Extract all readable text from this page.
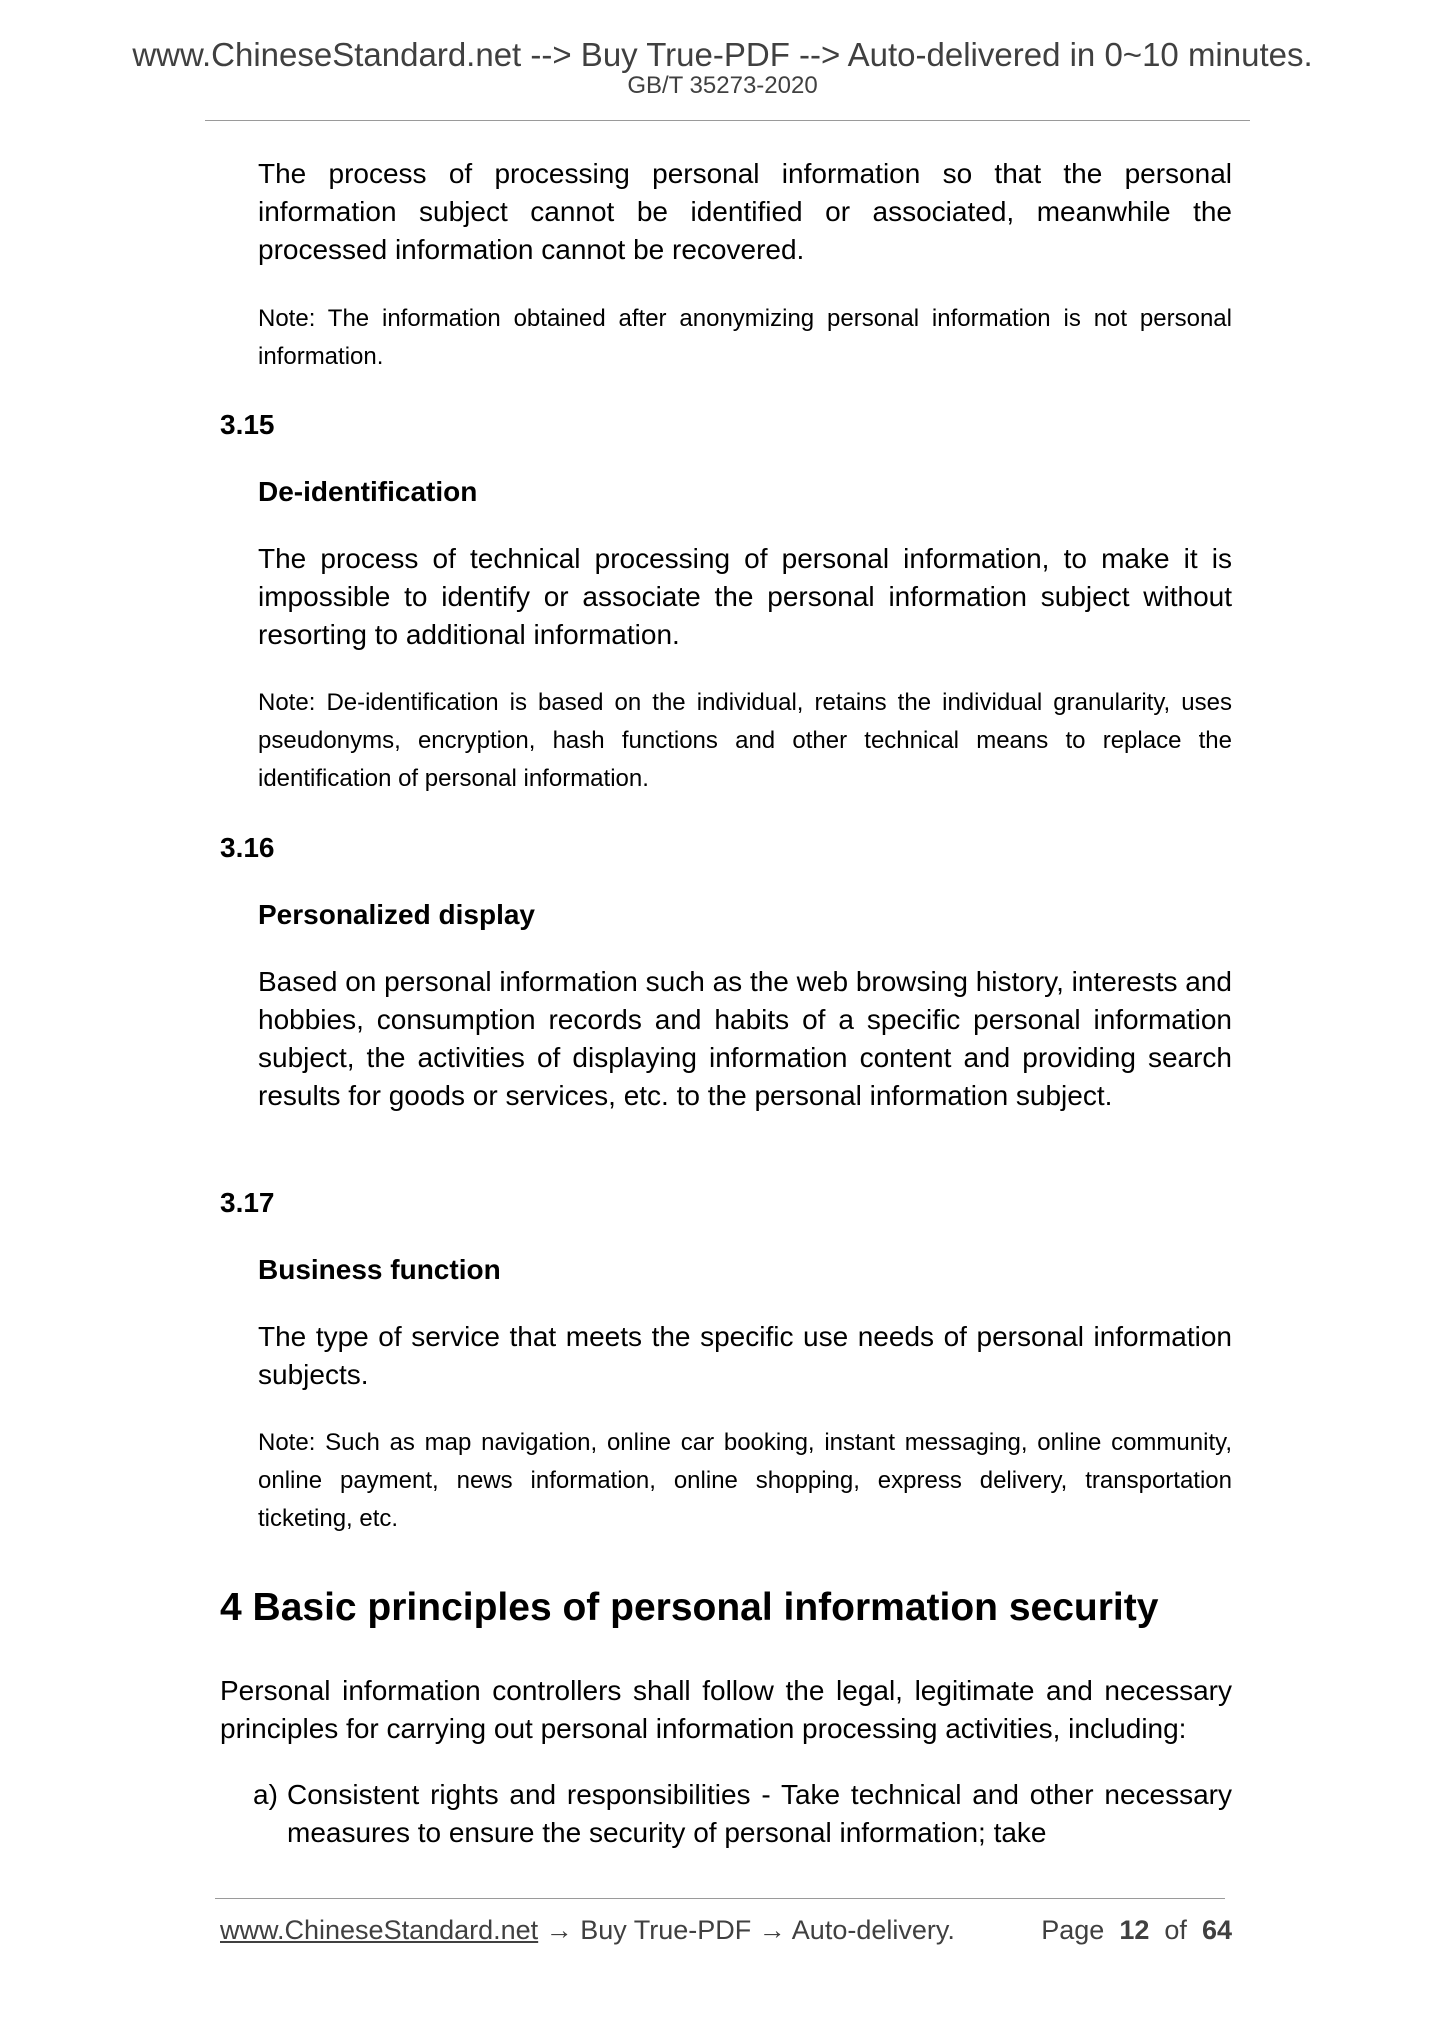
www.ChineseStandard.net --> Buy True-PDF --> Auto-delivered in 0~10 minutes.
GB/T 35273-2020

The process of processing personal information so that the personal information subject cannot be identified or associated, meanwhile the processed information cannot be recovered.

Note: The information obtained after anonymizing personal information is not personal information.

3.15

De-identification

The process of technical processing of personal information, to make it is impossible to identify or associate the personal information subject without resorting to additional information.

Note: De-identification is based on the individual, retains the individual granularity, uses pseudonyms, encryption, hash functions and other technical means to replace the identification of personal information.

3.16

Personalized display

Based on personal information such as the web browsing history, interests and hobbies, consumption records and habits of a specific personal information subject, the activities of displaying information content and providing search results for goods or services, etc. to the personal information subject.

3.17

Business function

The type of service that meets the specific use needs of personal information subjects.

Note: Such as map navigation, online car booking, instant messaging, online community, online payment, news information, online shopping, express delivery, transportation ticketing, etc.

4 Basic principles of personal information security

Personal information controllers shall follow the legal, legitimate and necessary principles for carrying out personal information processing activities, including:

a) Consistent rights and responsibilities - Take technical and other necessary measures to ensure the security of personal information; take
www.ChineseStandard.net → Buy True-PDF → Auto-delivery.	Page 12 of 64
